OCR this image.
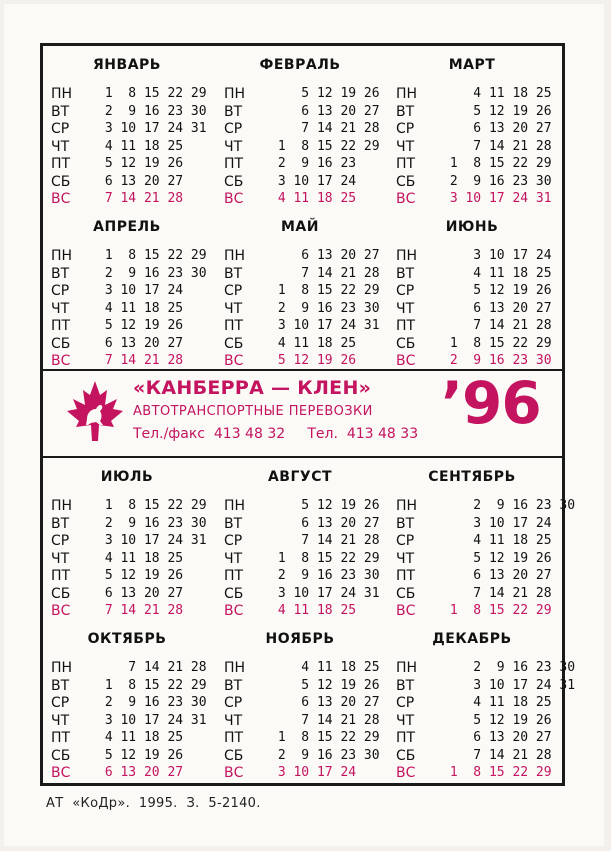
ЯНВАРЬ
ПН	1  8 15 22 29
ВТ	2  9 16 23 30
СР	3 10 17 24 31
ЧТ	4 11 18 25
ПТ	5 12 19 26
СБ	6 13 20 27
ВС	7 14 21 28
ФЕВРАЛЬ
ПН	5 12 19 26
ВТ	6 13 20 27
СР	7 14 21 28
ЧТ	1  8 15 22 29
ПТ	2  9 16 23
СБ	3 10 17 24
ВС	4 11 18 25
МАРТ
ПН	4 11 18 25
ВТ	5 12 19 26
СР	6 13 20 27
ЧТ	7 14 21 28
ПТ	1  8 15 22 29
СБ	2  9 16 23 30
ВС	3 10 17 24 31
АПРЕЛЬ
ПН	1  8 15 22 29
ВТ	2  9 16 23 30
СР	3 10 17 24
ЧТ	4 11 18 25
ПТ	5 12 19 26
СБ	6 13 20 27
ВС	7 14 21 28
МАЙ
ПН	6 13 20 27
ВТ	7 14 21 28
СР	1  8 15 22 29
ЧТ	2  9 16 23 30
ПТ	3 10 17 24 31
СБ	4 11 18 25
ВС	5 12 19 26
ИЮНЬ
ПН	3 10 17 24
ВТ	4 11 18 25
СР	5 12 19 26
ЧТ	6 13 20 27
ПТ	7 14 21 28
СБ	1  8 15 22 29
ВС	2  9 16 23 30
«КАНБЕРРА — КЛЕН»
АВТОТРАНСПОРТНЫЕ ПЕРЕВОЗКИ
Тел./факс  413 48 32     Тел.  413 48 33 ’96
ИЮЛЬ
ПН	1  8 15 22 29
ВТ	2  9 16 23 30
СР	3 10 17 24 31
ЧТ	4 11 18 25
ПТ	5 12 19 26
СБ	6 13 20 27
ВС	7 14 21 28
АВГУСТ
ПН	5 12 19 26
ВТ	6 13 20 27
СР	7 14 21 28
ЧТ	1  8 15 22 29
ПТ	2  9 16 23 30
СБ	3 10 17 24 31
ВС	4 11 18 25
СЕНТЯБРЬ
ПН	2  9 16 23 30
ВТ	3 10 17 24
СР	4 11 18 25
ЧТ	5 12 19 26
ПТ	6 13 20 27
СБ	7 14 21 28
ВС	1  8 15 22 29
ОКТЯБРЬ
ПН	7 14 21 28
ВТ	1  8 15 22 29
СР	2  9 16 23 30
ЧТ	3 10 17 24 31
ПТ	4 11 18 25
СБ	5 12 19 26
ВС	6 13 20 27
НОЯБРЬ
ПН	4 11 18 25
ВТ	5 12 19 26
СР	6 13 20 27
ЧТ	7 14 21 28
ПТ	1  8 15 22 29
СБ	2  9 16 23 30
ВС	3 10 17 24
ДЕКАБРЬ
ПН	2  9 16 23 30
ВТ	3 10 17 24 31
СР	4 11 18 25
ЧТ	5 12 19 26
ПТ	6 13 20 27
СБ	7 14 21 28
ВС	1  8 15 22 29
АТ  «КоДр».  1995.  З.  5-2140.
